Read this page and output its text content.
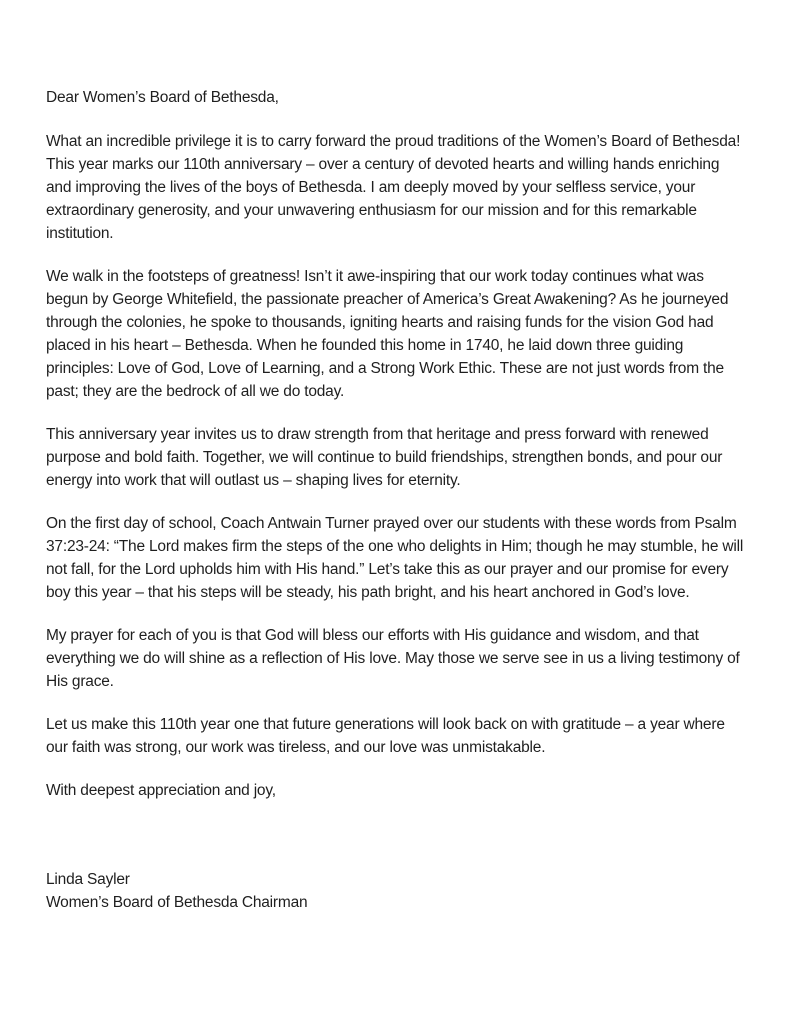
Dear Women’s Board of Bethesda,

What an incredible privilege it is to carry forward the proud traditions of the Women’s Board of Bethesda! This year marks our 110th anniversary – over a century of devoted hearts and willing hands enriching and improving the lives of the boys of Bethesda. I am deeply moved by your selfless service, your extraordinary generosity, and your unwavering enthusiasm for our mission and for this remarkable institution.

We walk in the footsteps of greatness! Isn’t it awe-inspiring that our work today continues what was begun by George Whitefield, the passionate preacher of America’s Great Awakening? As he journeyed through the colonies, he spoke to thousands, igniting hearts and raising funds for the vision God had placed in his heart – Bethesda. When he founded this home in 1740, he laid down three guiding principles: Love of God, Love of Learning, and a Strong Work Ethic. These are not just words from the past; they are the bedrock of all we do today.

This anniversary year invites us to draw strength from that heritage and press forward with renewed purpose and bold faith. Together, we will continue to build friendships, strengthen bonds, and pour our energy into work that will outlast us – shaping lives for eternity.

On the first day of school, Coach Antwain Turner prayed over our students with these words from Psalm 37:23-24: “The Lord makes firm the steps of the one who delights in Him; though he may stumble, he will not fall, for the Lord upholds him with His hand.” Let’s take this as our prayer and our promise for every boy this year – that his steps will be steady, his path bright, and his heart anchored in God’s love.

My prayer for each of you is that God will bless our efforts with His guidance and wisdom, and that everything we do will shine as a reflection of His love. May those we serve see in us a living testimony of His grace.

Let us make this 110th year one that future generations will look back on with gratitude – a year where our faith was strong, our work was tireless, and our love was unmistakable.

With deepest appreciation and joy,

Linda Sayler

Women’s Board of Bethesda Chairman
